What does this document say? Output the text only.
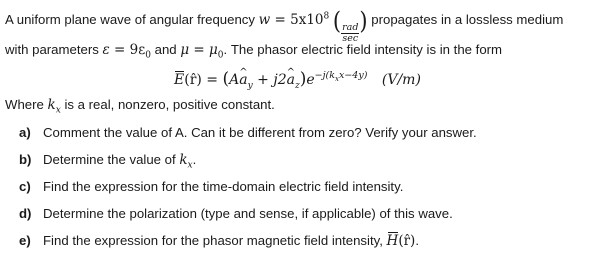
A uniform plane wave of angular frequency $w = 5x10^8$ ( $\frac{\text{rad}}{\sec}$ ) propagates in a lossless medium
with parameters $\varepsilon = 9\varepsilon_0$ and $\mu = \mu_0$. The phasor electric field intensity is in the form
E(r̂) = (Aa $\^{}_y + j2a$ $\^{}_z)e^{-j(k_xx-4y)}$ (V/m)
Where $k_x$ is a real, nonzero, positive constant.
a) Comment the value of A. Can it be different from zero? Verify your answer.
b) Determine the value of $k_x$.
c) Find the expression for the time-domain electric field intensity.
d) Determine the polarization (type and sense, if applicable) of this wave.
e) Find the expression for the phasor magnetic field intensity, H(r̂).
